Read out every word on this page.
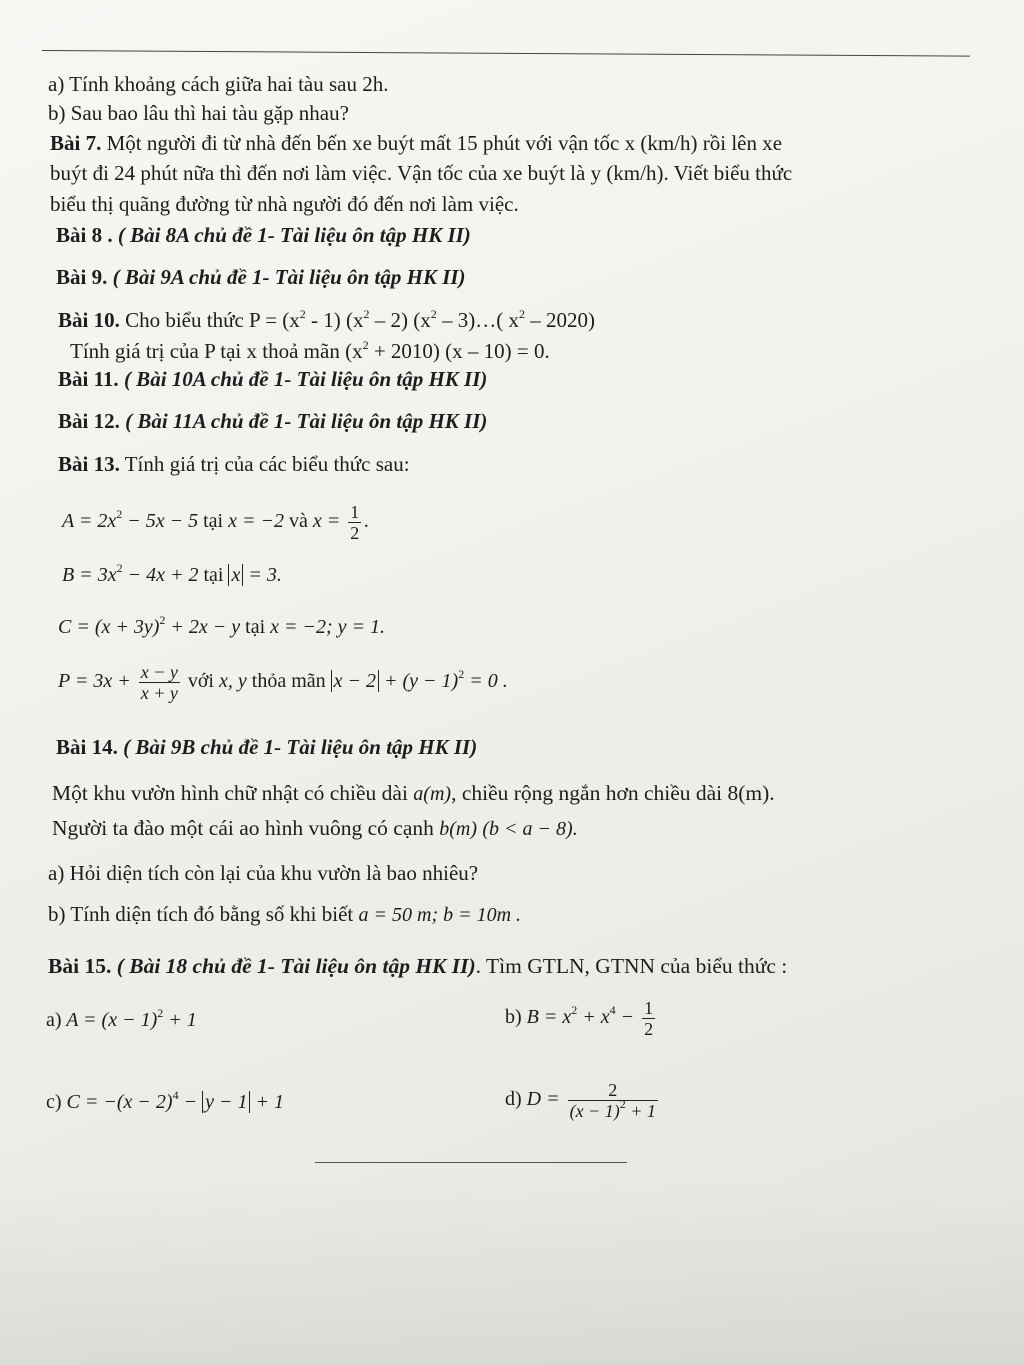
a) Tính khoảng cách giữa hai tàu sau 2h.
b) Sau bao lâu thì hai tàu gặp nhau?
Bài 7. Một người đi từ nhà đến bến xe buýt mất 15 phút với vận tốc x (km/h) rồi lên xe
buýt đi 24 phút nữa thì đến nơi làm việc. Vận tốc của xe buýt là y (km/h). Viết biểu thức
biểu thị quãng đường từ nhà người đó đến nơi làm việc.
Bài 8 . ( Bài 8A chủ đề 1- Tài liệu ôn tập HK II)
Bài 9. ( Bài 9A chủ đề 1- Tài liệu ôn tập HK II)
Bài 10. Cho biểu thức $P = (x^2 - 1)$ $(x^2 - 2)$ ($x^2$ – 3)…( $x^2 - 2020$)
Tính giá trị của P tại x thoả mãn $(x^2 + 2010)$ (x – 10) = 0.
Bài 11. ( Bài 10A chủ đề 1- Tài liệu ôn tập HK II)
Bài 12. ( Bài 11A chủ đề 1- Tài liệu ôn tập HK II)
Bài 13. Tính giá trị của các biểu thức sau:
$A = 2x^2 - 5x - 5$ tại x = −2 và $x = \frac{1}{2}$ .
$B = 3x^2 - 4x + 2$ tại x = 3.
$C = (x + 3y)^2 + 2x - y$ tại x = −2; y = 1.
$P = 3x + \frac{x - y}{x + y}$ với x, y thỏa mãn $x - 2 + (y - 1)^2 = 0$ .
Bài 14. ( Bài 9B chủ đề 1- Tài liệu ôn tập HK II)
Một khu vườn hình chữ nhật có chiều dài a(m), chiều rộng ngắn hơn chiều dài 8(m).
Người ta đào một cái ao hình vuông có cạnh b(m) (b < a − 8).
a) Hỏi diện tích còn lại của khu vườn là bao nhiêu?
b) Tính diện tích đó bằng số khi biết a = 50 m; b = 10m .
Bài 15. ( Bài 18 chủ đề 1- Tài liệu ôn tập HK II). Tìm GTLN, GTNN của biểu thức :
a) $A = (x - 1)^2 + 1$	b) $B = x^2 + x^4 - \frac{1}{2}$
c) $C = -(x - 2)^4 - y - 1 + 1$	d) $D = \frac{2}{(x - 1)^2 + 1}$
